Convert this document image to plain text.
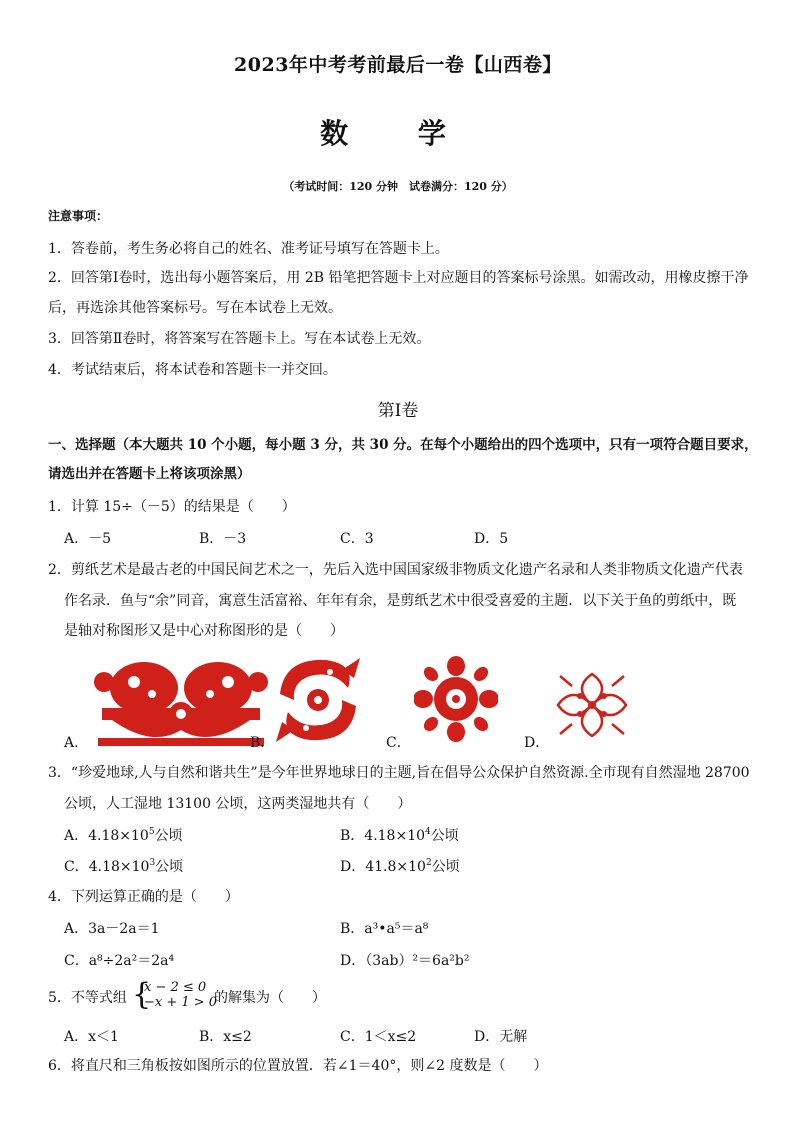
2023年中考考前最后一卷【山西卷】
数 学
（考试时间：120 分钟　试卷满分：120 分）
注意事项：
1．答卷前，考生务必将自己的姓名、准考证号填写在答题卡上。
2．回答第Ⅰ卷时，选出每小题答案后，用 2B 铅笔把答题卡上对应题目的答案标号涂黑。如需改动，用橡皮擦干净
后，再选涂其他答案标号。写在本试卷上无效。
3．回答第Ⅱ卷时，将答案写在答题卡上。写在本试卷上无效。
4．考试结束后，将本试卷和答题卡一并交回。
第Ⅰ卷
一、选择题（本大题共 10 个小题，每小题 3 分，共 30 分。在每个小题给出的四个选项中，只有一项符合题目要求，
请选出并在答题卡上将该项涂黑）
1．计算 15÷（－5）的结果是（　　）
A．－5	B．－3	C．3	D．5
2．剪纸艺术是最古老的中国民间艺术之一，先后入选中国国家级非物质文化遗产名录和人类非物质文化遗产代表
作名录．鱼与“余”同音，寓意生活富裕、年年有余，是剪纸艺术中很受喜爱的主题．以下关于鱼的剪纸中，既
是轴对称图形又是中心对称图形的是（　　）
A．	B．	C．	D．
3．“珍爱地球,人与自然和谐共生”是今年世界地球日的主题,旨在倡导公众保护自然资源.全市现有自然湿地 28700
公顷，人工湿地 13100 公顷，这两类湿地共有（　　）
A．$4.18\times 10^5$公顷	B．$4.18\times 10^4$公顷
C．$4.18\times 10^3$公顷	D．$41.8\times 10^2$公顷
4．下列运算正确的是（　　）
A．3a－2a＝1	B．a³•a⁵＝a⁸
C．a⁸÷2a²＝2a⁴	D．（3ab）²＝6a²b²
5．不等式组 {
x − 2 ≤ 0
−x + 1 > 0
的解集为（　　）
A．x＜1	B．x≤2	C．1＜x≤2	D．无解
6．将直尺和三角板按如图所示的位置放置．若∠1＝40°，则∠2 度数是（　　）
